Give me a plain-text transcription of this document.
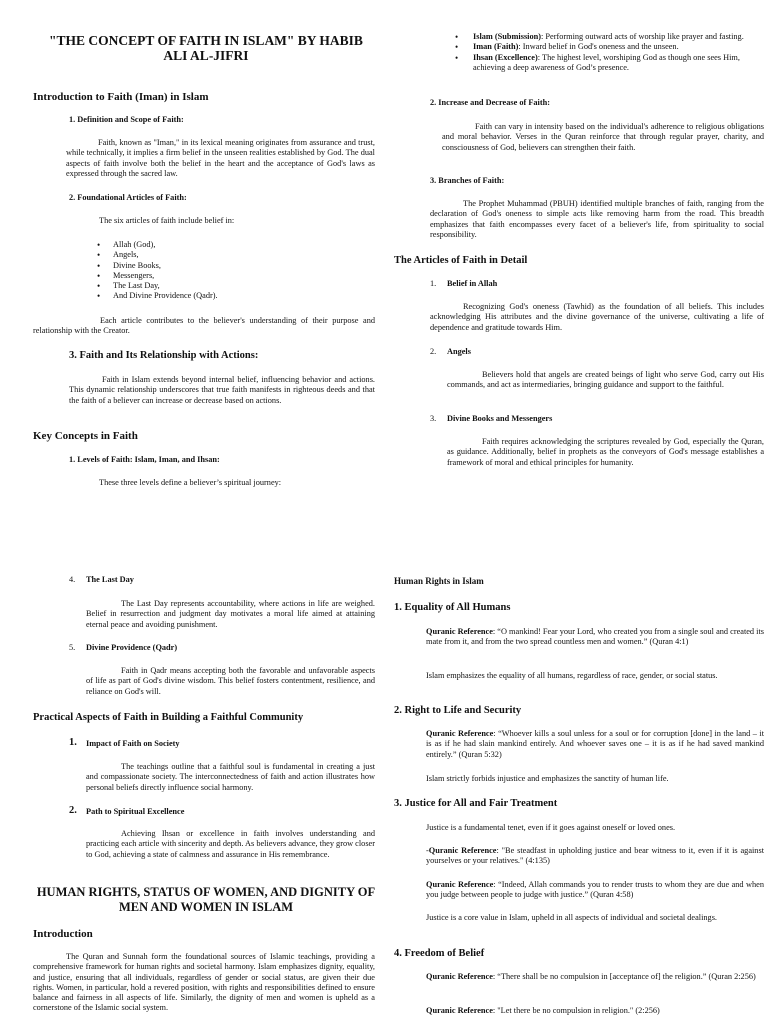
"THE CONCEPT OF FAITH IN ISLAM" BY HABIB ALI AL-JIFRI
Introduction to Faith (Iman) in Islam
1. Definition and Scope of Faith:
Faith, known as "Iman," in its lexical meaning originates from assurance and trust, while technically, it implies a firm belief in the unseen realities established by God. The dual aspects of faith involve both the belief in the heart and the acceptance of God's laws as expressed through the sacred law.
2. Foundational Articles of Faith:
The six articles of faith include belief in:
• Allah (God),
• Angels,
• Divine Books,
• Messengers,
• The Last Day,
• And Divine Providence (Qadr).
Each article contributes to the believer's understanding of their purpose and relationship with the Creator.
3. Faith and Its Relationship with Actions:
Faith in Islam extends beyond internal belief, influencing behavior and actions. This dynamic relationship underscores that true faith manifests in righteous deeds and that the faith of a believer can increase or decrease based on actions.
Key Concepts in Faith
1. Levels of Faith: Islam, Iman, and Ihsan:
These three levels define a believer’s spiritual journey:
4. The Last Day
The Last Day represents accountability, where actions in life are weighed. Belief in resurrection and judgment day motivates a moral life aimed at attaining eternal peace and avoiding punishment.
5. Divine Providence (Qadr)
Faith in Qadr means accepting both the favorable and unfavorable aspects of life as part of God's divine wisdom. This belief fosters contentment, resilience, and reliance on God's will.
Practical Aspects of Faith in Building a Faithful Community
1. Impact of Faith on Society
The teachings outline that a faithful soul is fundamental in creating a just and compassionate society. The interconnectedness of faith and action illustrates how personal beliefs directly influence social harmony.
2. Path to Spiritual Excellence
Achieving Ihsan or excellence in faith involves understanding and practicing each article with sincerity and depth. As believers advance, they grow closer to God, achieving a state of calmness and assurance in His remembrance.
HUMAN RIGHTS, STATUS OF WOMEN, AND DIGNITY OF MEN AND WOMEN IN ISLAM
Introduction
The Quran and Sunnah form the foundational sources of Islamic teachings, providing a comprehensive framework for human rights and societal harmony. Islam emphasizes dignity, equality, and justice, ensuring that all individuals, regardless of gender or social status, are given their due rights. Women, in particular, hold a revered position, with rights and responsibilities defined to ensure balance and fairness in all aspects of life. Similarly, the dignity of men and women is upheld as a cornerstone of the Islamic social system.
• Islam (Submission): Performing outward acts of worship like prayer and fasting.
• Iman (Faith): Inward belief in God's oneness and the unseen.
• Ihsan (Excellence): The highest level, worshiping God as though one sees Him, achieving a deep awareness of God’s presence.
2. Increase and Decrease of Faith:
Faith can vary in intensity based on the individual's adherence to religious obligations and moral behavior. Verses in the Quran reinforce that through regular prayer, charity, and consciousness of God, believers can strengthen their faith.
3. Branches of Faith:
The Prophet Muhammad (PBUH) identified multiple branches of faith, ranging from the declaration of God's oneness to simple acts like removing harm from the road. This breadth emphasizes that faith encompasses every facet of a believer's life, from spirituality to social responsibility.
The Articles of Faith in Detail
1. Belief in Allah
Recognizing God's oneness (Tawhid) as the foundation of all beliefs. This includes acknowledging His attributes and the divine governance of the universe, cultivating a life of dependence and gratitude towards Him.
2. Angels
Believers hold that angels are created beings of light who serve God, carry out His commands, and act as intermediaries, bringing guidance and support to the faithful.
3. Divine Books and Messengers
Faith requires acknowledging the scriptures revealed by God, especially the Quran, as guidance. Additionally, belief in prophets as the conveyors of God's message establishes a framework of moral and ethical principles for humanity.
Human Rights in Islam
1. Equality of All Humans
Quranic Reference: “O mankind! Fear your Lord, who created you from a single soul and created its mate from it, and from the two spread countless men and women.” (Quran 4:1)
Islam emphasizes the equality of all humans, regardless of race, gender, or social status.
2. Right to Life and Security
Quranic Reference: “Whoever kills a soul unless for a soul or for corruption [done] in the land – it is as if he had slain mankind entirely. And whoever saves one – it is as if he had saved mankind entirely.” (Quran 5:32)
Islam strictly forbids injustice and emphasizes the sanctity of human life.
3. Justice for All and Fair Treatment
Justice is a fundamental tenet, even if it goes against oneself or loved ones.
-Quranic Reference: "Be steadfast in upholding justice and bear witness to it, even if it is against yourselves or your relatives." (4:135)
Quranic Reference: “Indeed, Allah commands you to render trusts to whom they are due and when you judge between people to judge with justice.” (Quran 4:58)
Justice is a core value in Islam, upheld in all aspects of individual and societal dealings.
4. Freedom of Belief
Quranic Reference: “There shall be no compulsion in [acceptance of] the religion.” (Quran 2:256)
Quranic Reference: "Let there be no compulsion in religion." (2:256)
